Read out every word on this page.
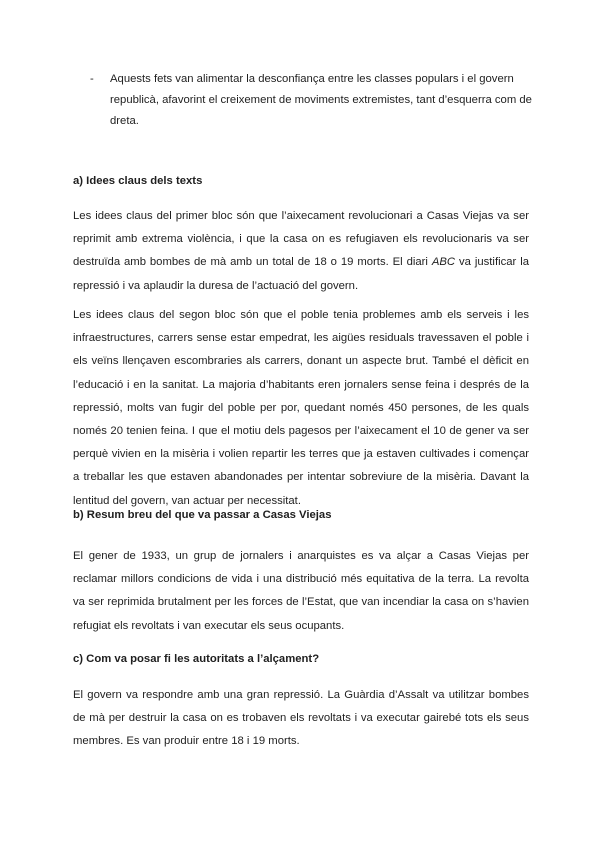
- Aquests fets van alimentar la desconfiança entre les classes populars i el govern republicà, afavorint el creixement de moviments extremistes, tant d’esquerra com de dreta.
a) Idees claus dels texts

Les idees claus del primer bloc són que l’aixecament revolucionari a Casas Viejas va ser reprimit amb extrema violència, i que la casa on es refugiaven els revolucionaris va ser destruïda amb bombes de mà amb un total de 18 o 19 morts. El diari ABC va justificar la repressió i va aplaudir la duresa de l’actuació del govern.

Les idees claus del segon bloc són que el poble tenia problemes amb els serveis i les infraestructures, carrers sense estar empedrat, les aigües residuals travessaven el poble i els veïns llençaven escombraries als carrers, donant un aspecte brut. També el dèficit en l’educació i en la sanitat. La majoria d’habitants eren jornalers sense feina i després de la repressió, molts van fugir del poble per por, quedant només 450 persones, de les quals només 20 tenien feina. I que el motiu dels pagesos per l’aixecament el 10 de gener va ser perquè vivien en la misèria i volien repartir les terres que ja estaven cultivades i començar a treballar les que estaven abandonades per intentar sobreviure de la misèria. Davant la lentitud del govern, van actuar per necessitat.

b) Resum breu del que va passar a Casas Viejas

El gener de 1933, un grup de jornalers i anarquistes es va alçar a Casas Viejas per reclamar millors condicions de vida i una distribució més equitativa de la terra. La revolta va ser reprimida brutalment per les forces de l’Estat, que van incendiar la casa on s’havien refugiat els revoltats i van executar els seus ocupants.

c) Com va posar fi les autoritats a l’alçament?

El govern va respondre amb una gran repressió. La Guàrdia d’Assalt va utilitzar bombes de mà per destruir la casa on es trobaven els revoltats i va executar gairebé tots els seus membres. Es van produir entre 18 i 19 morts.
